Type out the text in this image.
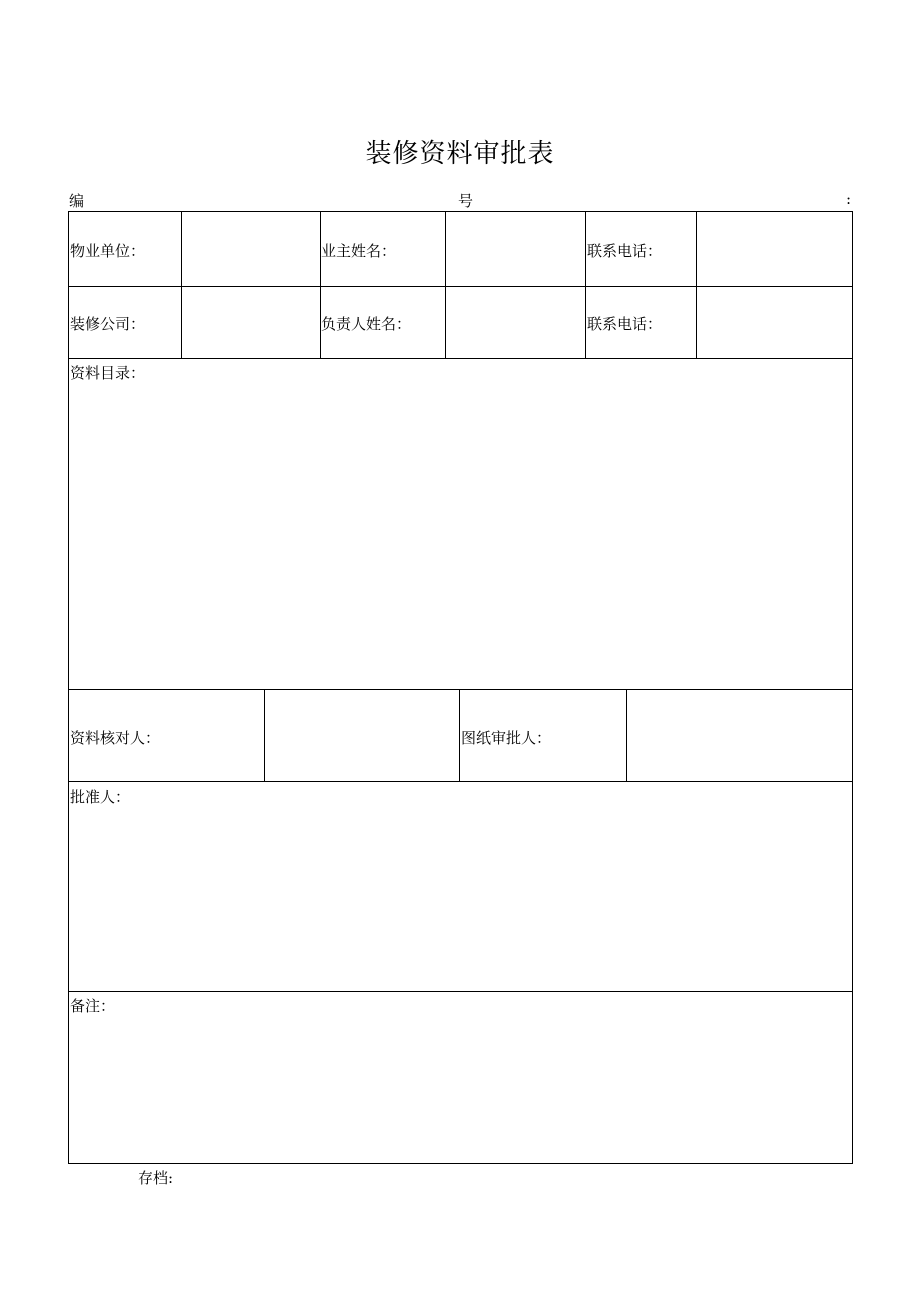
装修资料审批表
编	号	:
物业单位：	业主姓名：	联系电话：
装修公司：	负责人姓名：	联系电话：
资料目录：
资料核对人：	图纸审批人：
批准人：
备注：
存档:
